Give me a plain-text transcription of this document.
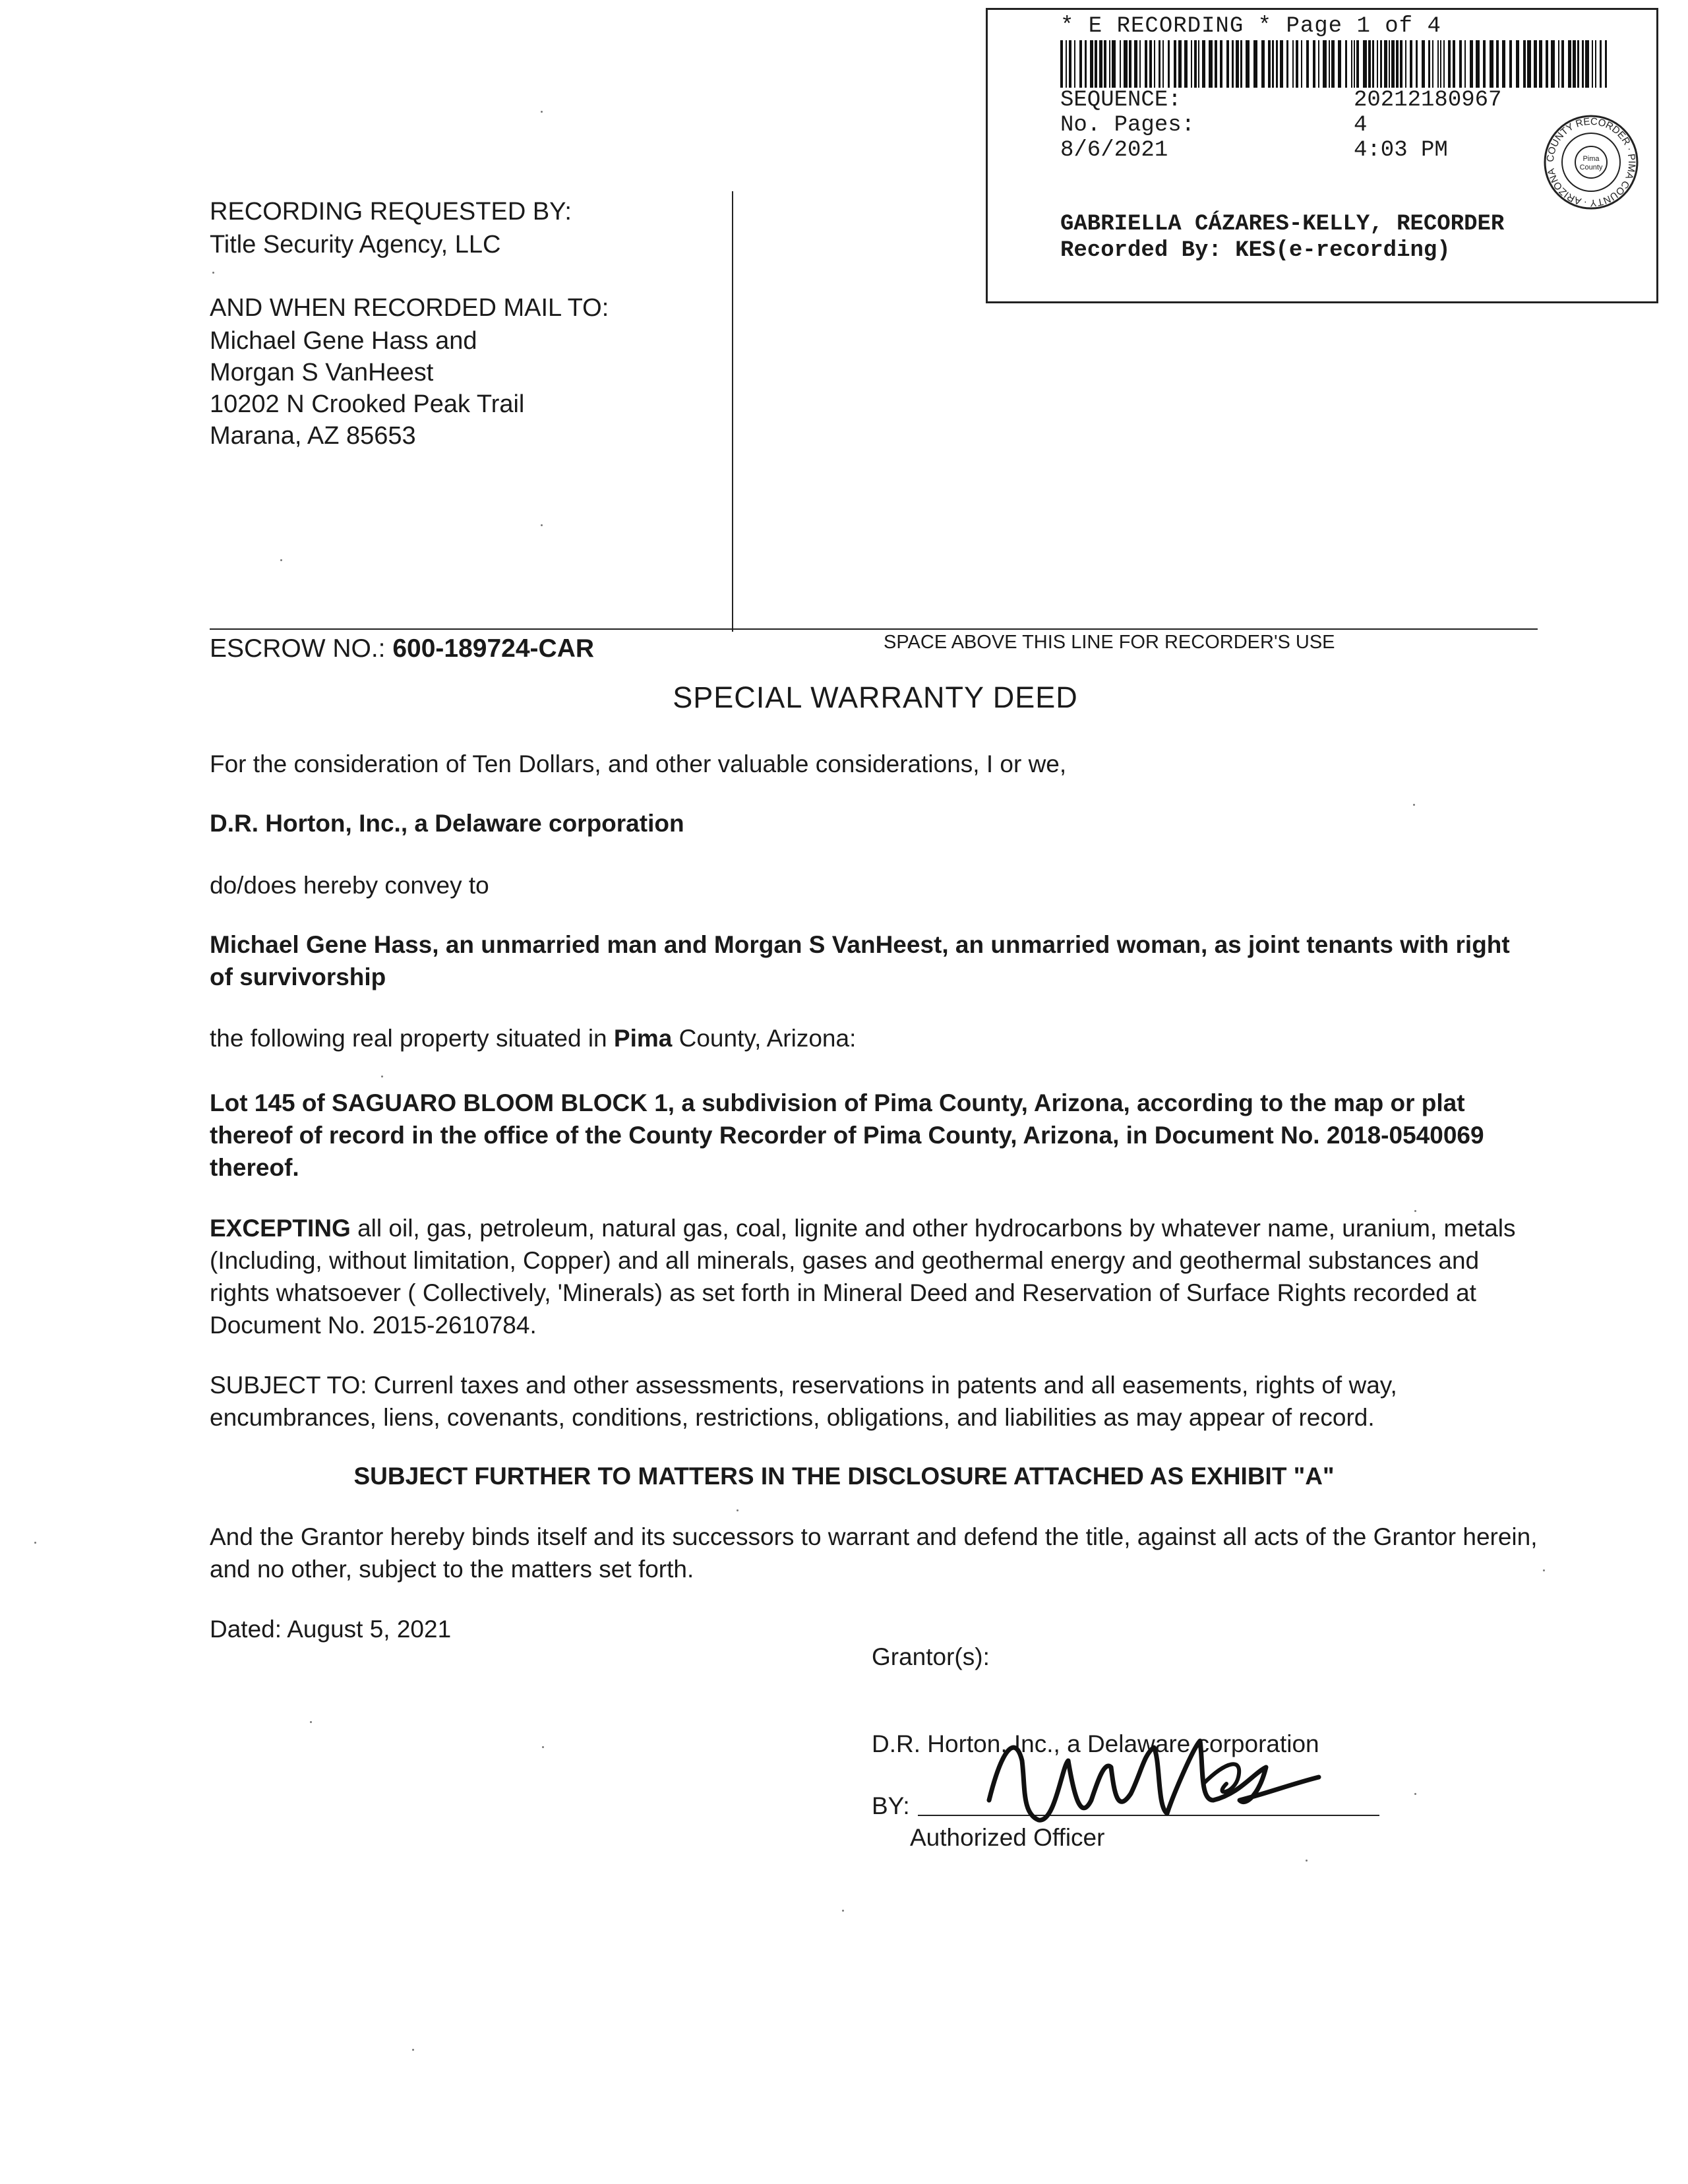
* E RECORDING * Page 1 of 4
SEQUENCE:	20212180967
No. Pages:	4
8/6/2021	4:03 PM
GABRIELLA CÁZARES-KELLY, RECORDER
Recorded By: KES(e-recording)
COUNTY RECORDER · PIMA COUNTY · ARIZONA
Pima
County
RECORDING REQUESTED BY:
Title Security Agency, LLC
AND WHEN RECORDED MAIL TO:
Michael Gene Hass and
Morgan S VanHeest
10202 N Crooked Peak Trail
Marana, AZ 85653
ESCROW NO.: 600-189724-CAR	SPACE ABOVE THIS LINE FOR RECORDER'S USE
SPECIAL WARRANTY DEED
For the consideration of Ten Dollars, and other valuable considerations, I or we,
D.R. Horton, Inc., a Delaware corporation
do/does hereby convey to
Michael Gene Hass, an unmarried man and Morgan S VanHeest, an unmarried woman, as joint tenants with right of survivorship
the following real property situated in Pima County, Arizona:
Lot 145 of SAGUARO BLOOM BLOCK 1, a subdivision of Pima County, Arizona, according to the map or plat thereof of record in the office of the County Recorder of Pima County, Arizona, in Document No. 2018-0540069 thereof.
EXCEPTING all oil, gas, petroleum, natural gas, coal, lignite and other hydrocarbons by whatever name, uranium, metals (Including, without limitation, Copper) and all minerals, gases and geothermal energy and geothermal substances and rights whatsoever ( Collectively, 'Minerals) as set forth in Mineral Deed and Reservation of Surface Rights recorded at Document No. 2015-2610784.
SUBJECT TO: Currenl taxes and other assessments, reservations in patents and all easements, rights of way, encumbrances, liens, covenants, conditions, restrictions, obligations, and liabilities as may appear of record.
SUBJECT FURTHER TO MATTERS IN THE DISCLOSURE ATTACHED AS EXHIBIT "A"
And the Grantor hereby binds itself and its successors to warrant and defend the title, against all acts of the Grantor herein, and no other, subject to the matters set forth.
Dated: August 5, 2021
Grantor(s):
D.R. Horton, Inc., a Delaware corporation
BY:
Authorized Officer
